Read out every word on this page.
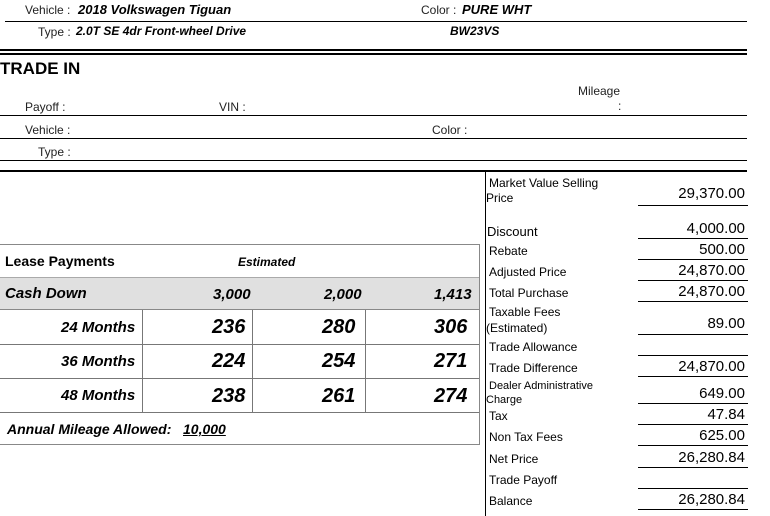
Vehicle : 2018 Volkswagen Tiguan	Color : PURE WHT
Type : 2.0T SE 4dr Front-wheel Drive	BW23VS
TRADE IN
Mileage
:
Payoff :	VIN :
Vehicle :	Color :
Type :
Lease Payments	Estimated
Cash Down	3,000	2,000	1,413
24 Months	236	280	306
36 Months	224	254	271
48 Months	238	261	274
Annual Mileage Allowed: 10,000
Market Value Selling
Price	29,370.00
Discount	4,000.00
Rebate	500.00
Adjusted Price	24,870.00
Total Purchase	24,870.00
Taxable Fees
(Estimated)	89.00
Trade Allowance
Trade Difference	24,870.00
Dealer Administrative
Charge	649.00
Tax	47.84
Non Tax Fees	625.00
Net Price	26,280.84
Trade Payoff
Balance	26,280.84
